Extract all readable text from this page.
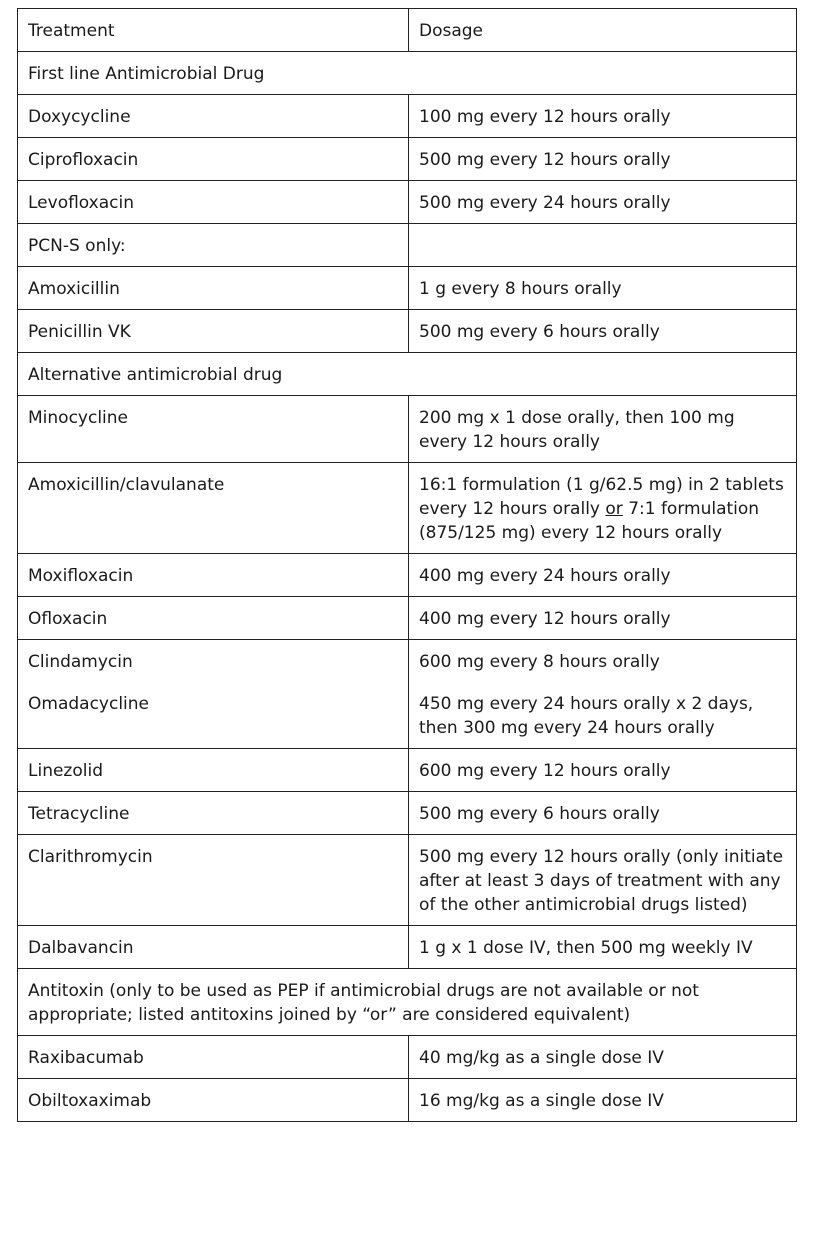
Treatment	Dosage
First line Antimicrobial Drug	
Doxycycline	100 mg every 12 hours orally
Ciprofloxacin	500 mg every 12 hours orally
Levofloxacin	500 mg every 24 hours orally
PCN-S only:	
Amoxicillin	1 g every 8 hours orally
Penicillin VK	500 mg every 6 hours orally
Alternative antimicrobial drug	
Minocycline	200 mg x 1 dose orally, then 100 mg every 12 hours orally
Amoxicillin/clavulanate	16:1 formulation (1 g/62.5 mg) in 2 tablets every 12 hours orally or 7:1 formulation (875/125 mg) every 12 hours orally
Moxifloxacin	400 mg every 24 hours orally
Ofloxacin	400 mg every 12 hours orally
Clindamycin	600 mg every 8 hours orally
Omadacycline	450 mg every 24 hours orally x 2 days, then 300 mg every 24 hours orally
Linezolid	600 mg every 12 hours orally
Tetracycline	500 mg every 6 hours orally
Clarithromycin	500 mg every 12 hours orally (only initiate after at least 3 days of treatment with any of the other antimicrobial drugs listed)
Dalbavancin	1 g x 1 dose IV, then 500 mg weekly IV
Antitoxin (only to be used as PEP if antimicrobial drugs are not available or not appropriate; listed antitoxins joined by “or” are considered equivalent)	
Raxibacumab	40 mg/kg as a single dose IV
Obiltoxaximab	16 mg/kg as a single dose IV
